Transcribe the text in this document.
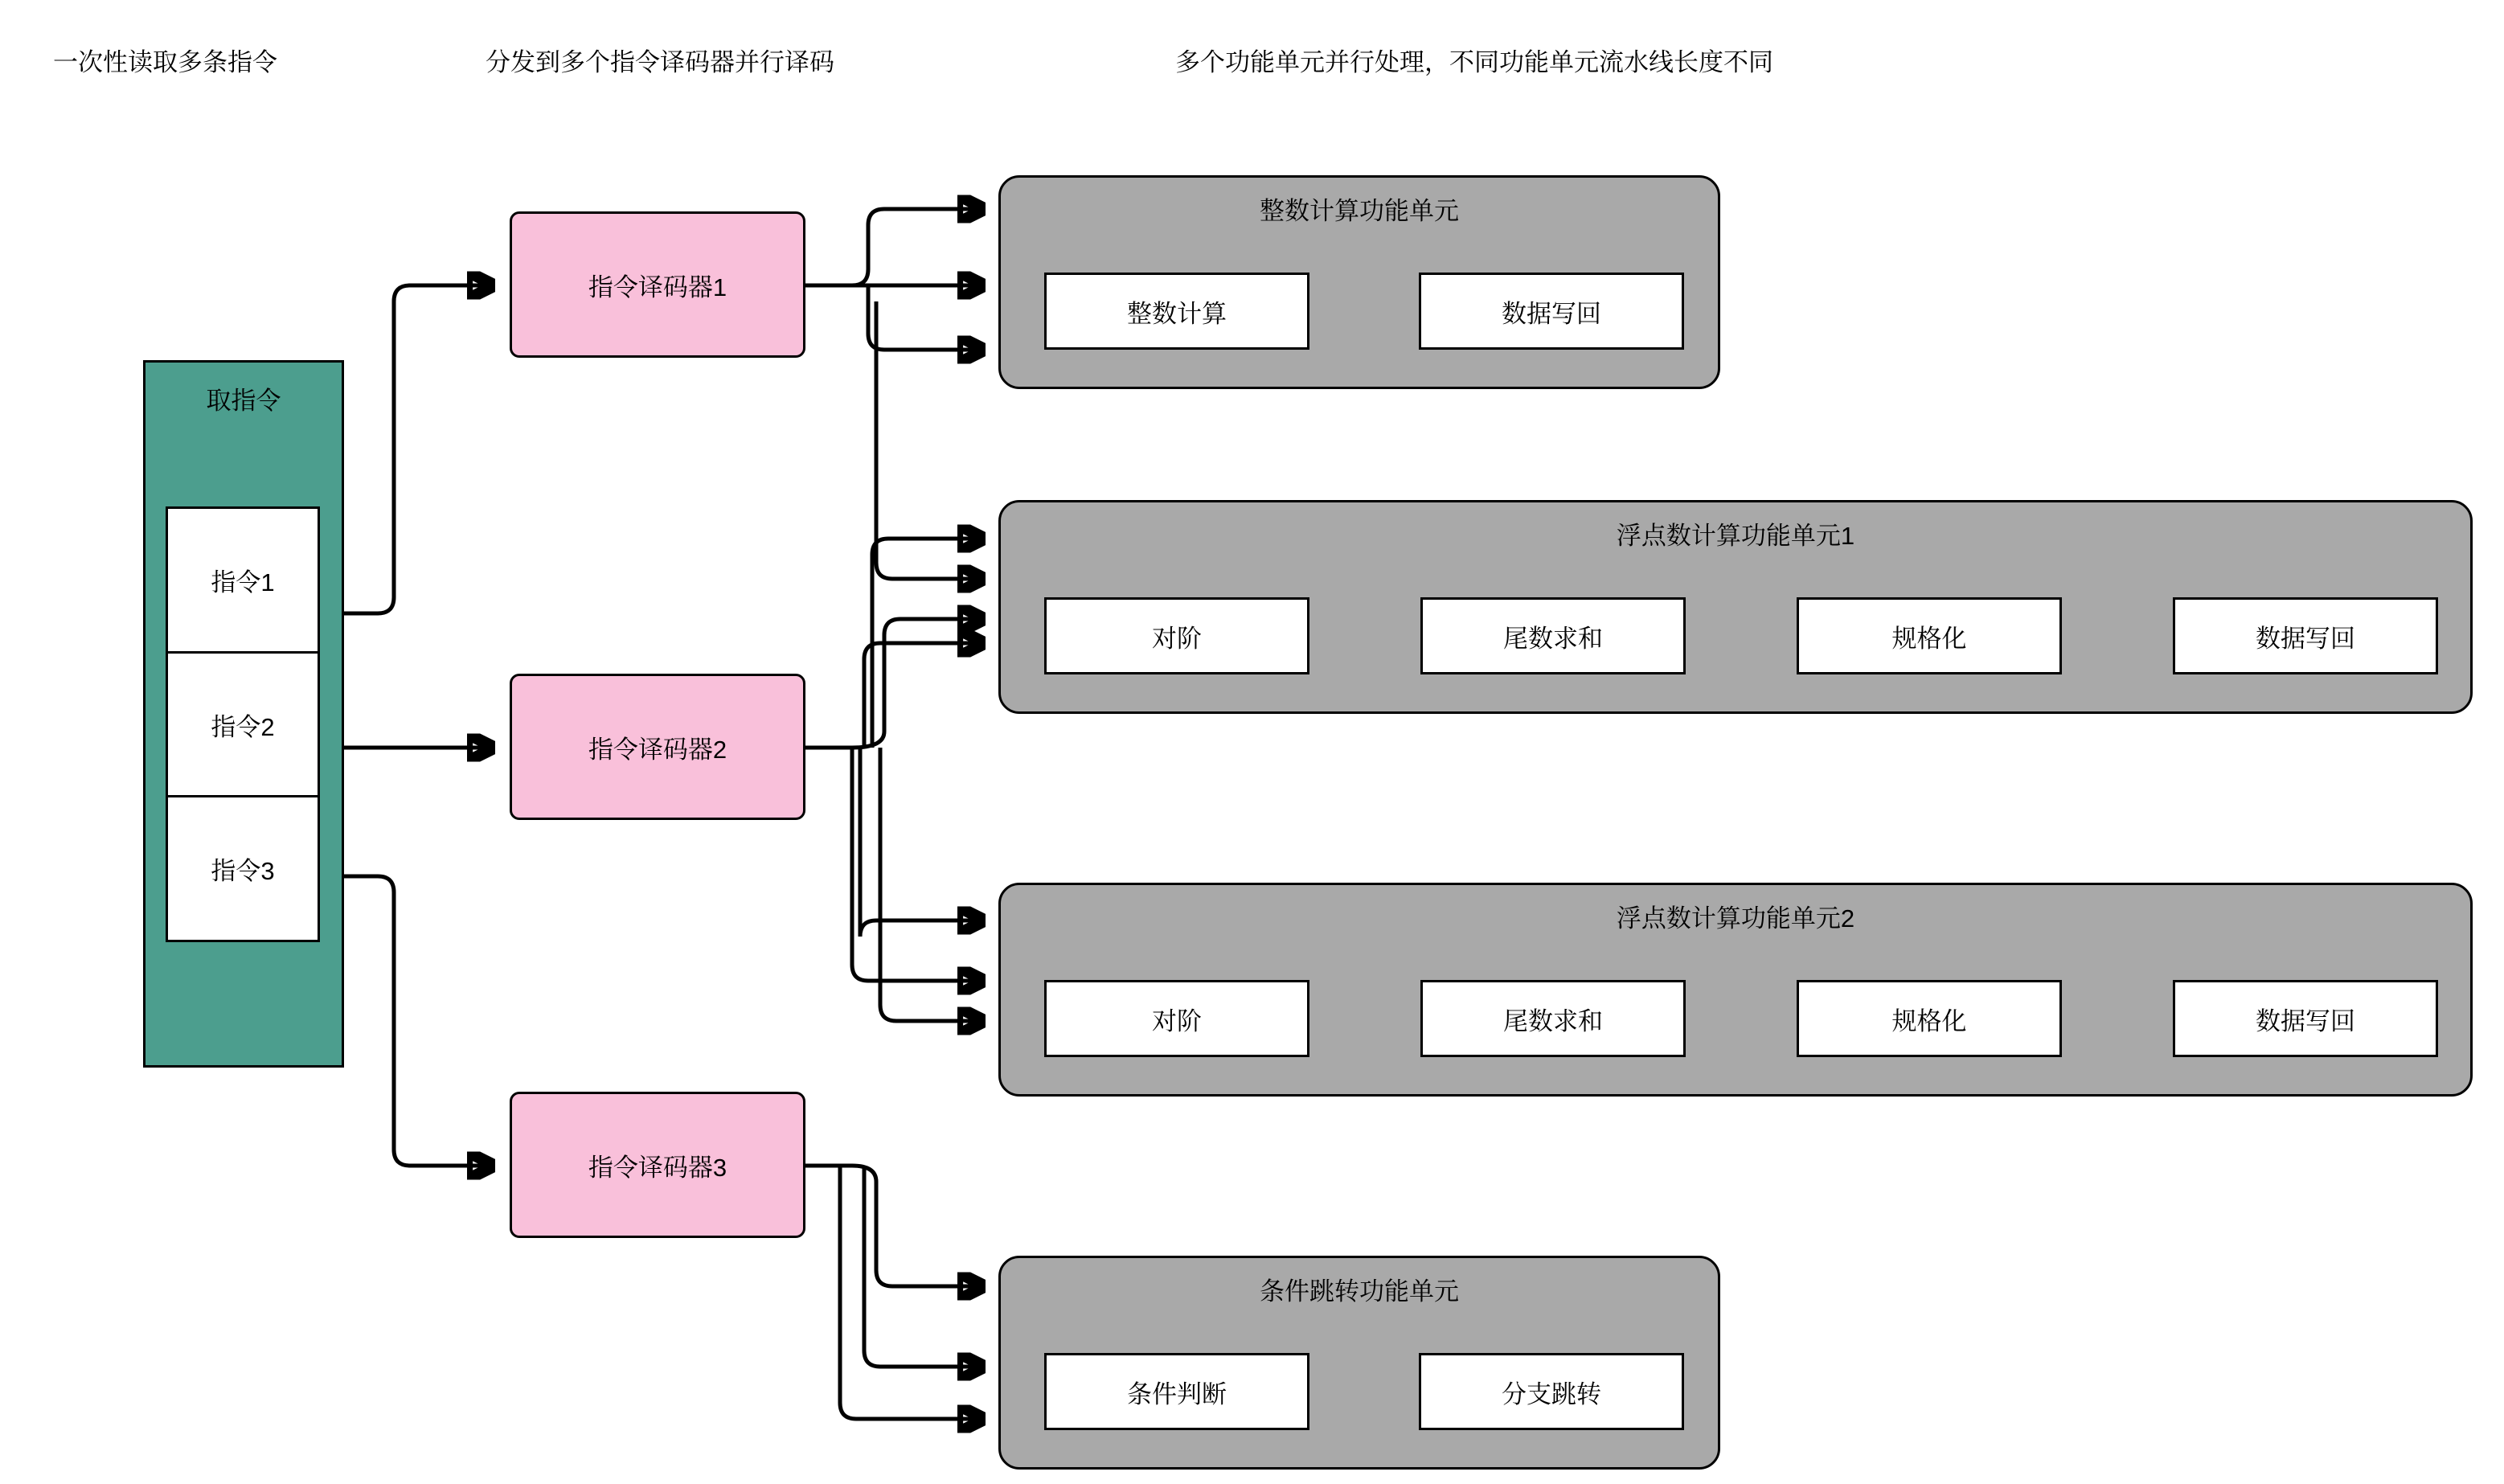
一次性读取多条指令	分发到多个指令译码器并行译码	多个功能单元并行处理，不同功能单元流水线长度不同
取指令
指令1
指令2
指令3
指令译码器1
指令译码器2
指令译码器3
整数计算功能单元
整数计算	数据写回
浮点数计算功能单元1
对阶	尾数求和	规格化	数据写回
浮点数计算功能单元2
对阶	尾数求和	规格化	数据写回
条件跳转功能单元
条件判断	分支跳转
